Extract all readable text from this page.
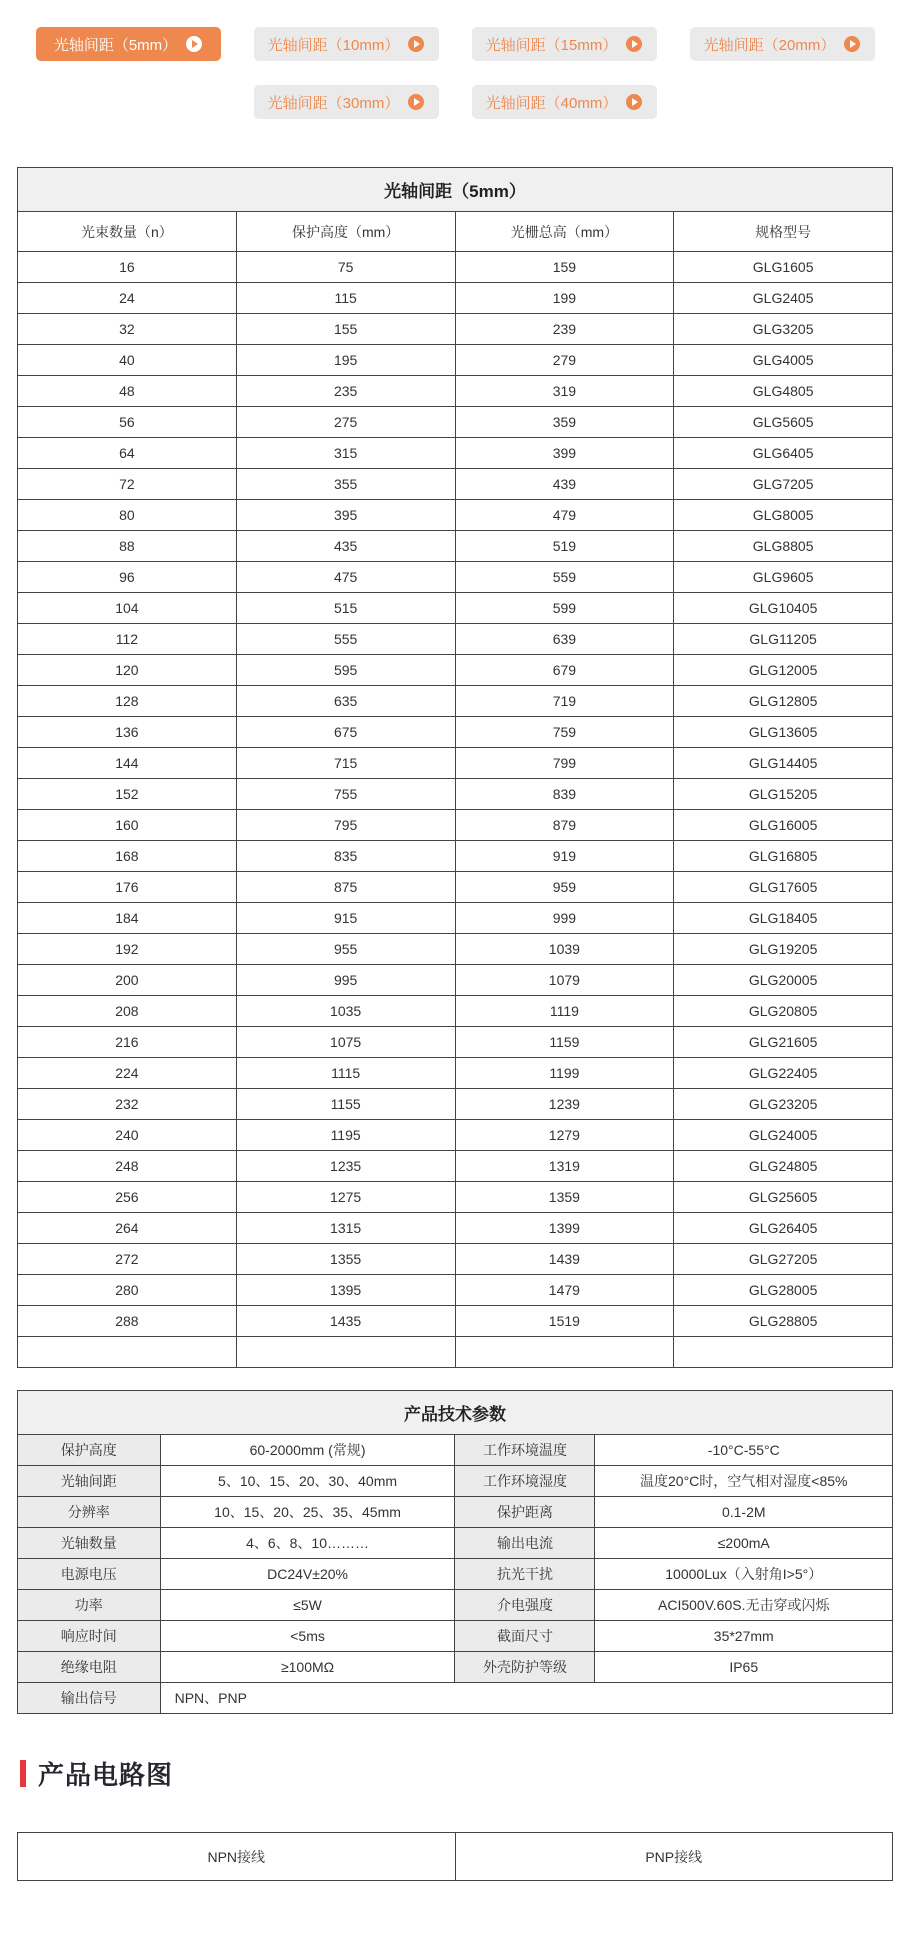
光轴间距（5mm）	光轴间距（10mm）	光轴间距（15mm）	光轴间距（20mm）
光轴间距（30mm）	光轴间距（40mm）
光轴间距（5mm）			
光束数量（n）	保护高度（mm）	光栅总高（mm）	规格型号
16	75	159	GLG1605
24	115	199	GLG2405
32	155	239	GLG3205
40	195	279	GLG4005
48	235	319	GLG4805
56	275	359	GLG5605
64	315	399	GLG6405
72	355	439	GLG7205
80	395	479	GLG8005
88	435	519	GLG8805
96	475	559	GLG9605
104	515	599	GLG10405
112	555	639	GLG11205
120	595	679	GLG12005
128	635	719	GLG12805
136	675	759	GLG13605
144	715	799	GLG14405
152	755	839	GLG15205
160	795	879	GLG16005
168	835	919	GLG16805
176	875	959	GLG17605
184	915	999	GLG18405
192	955	1039	GLG19205
200	995	1079	GLG20005
208	1035	1119	GLG20805
216	1075	1159	GLG21605
224	1115	1199	GLG22405
232	1155	1239	GLG23205
240	1195	1279	GLG24005
248	1235	1319	GLG24805
256	1275	1359	GLG25605
264	1315	1399	GLG26405
272	1355	1439	GLG27205
280	1395	1479	GLG28005
288	1435	1519	GLG28805

产品技术参数			
保护高度	60-2000mm (常规)	工作环境温度	-10°C-55°C
光轴间距	5、10、15、20、30、40mm	工作环境湿度	温度20°C时，空气相对湿度<85%
分辨率	10、15、20、25、35、45mm	保护距离	0.1-2M
光轴数量	4、6、8、10………	输出电流	≤200mA
电源电压	DC24V±20%	抗光干扰	10000Lux（入射角I>5°）
功率	≤5W	介电强度	ACI500V.60S.无击穿或闪烁
响应时间	<5ms	截面尺寸	35*27mm
绝缘电阻	≥100MΩ	外壳防护等级	IP65
输出信号	NPN、PNP		
产品电路图
NPN接线	PNP接线
